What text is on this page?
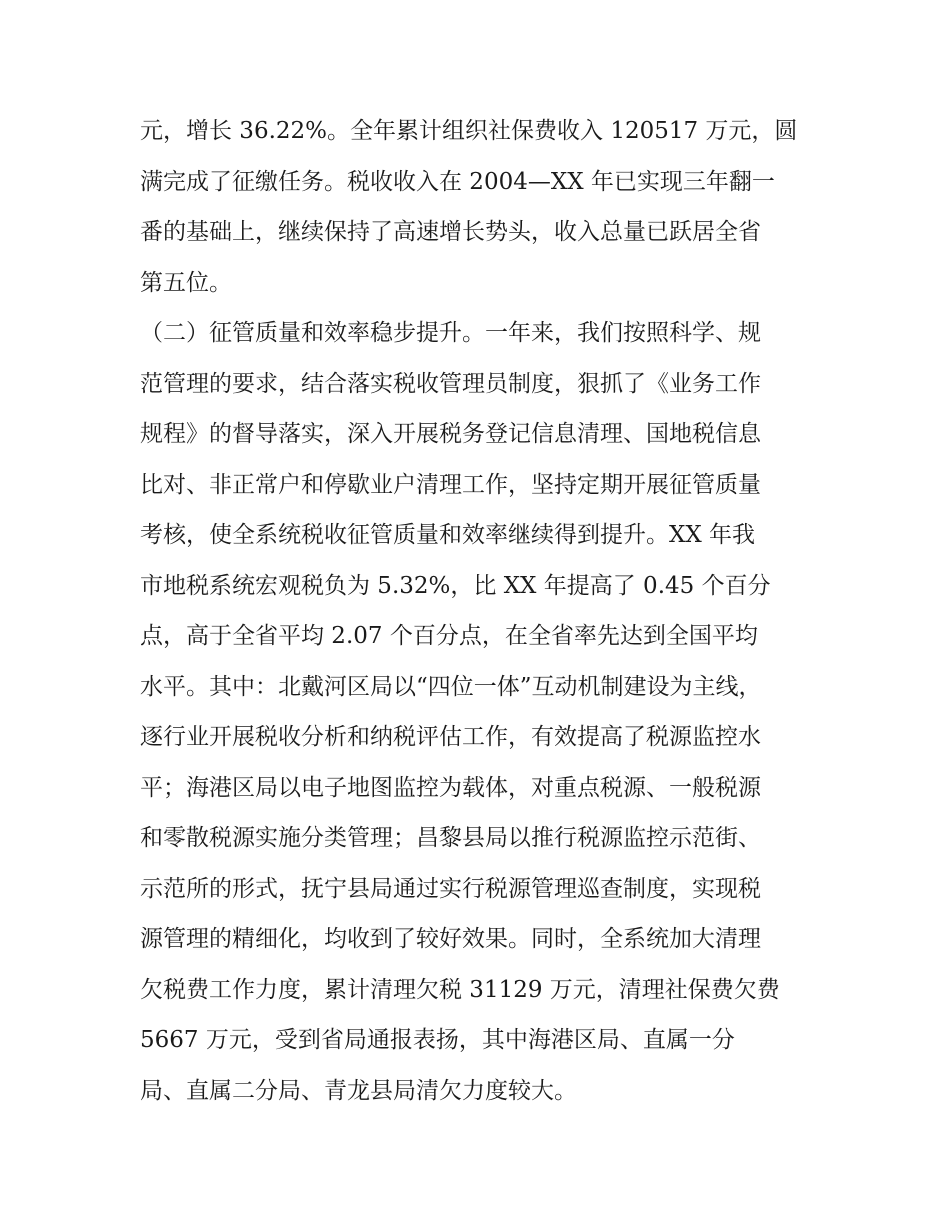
元，增长 36.22%。全年累计组织社保费收入 120517 万元，圆
满完成了征缴任务。税收收入在 2004—XX 年已实现三年翻一
番的基础上，继续保持了高速增长势头，收入总量已跃居全省
第五位。
（二）征管质量和效率稳步提升。一年来，我们按照科学、规
范管理的要求，结合落实税收管理员制度，狠抓了《业务工作
规程》的督导落实，深入开展税务登记信息清理、国地税信息
比对、非正常户和停歇业户清理工作，坚持定期开展征管质量
考核，使全系统税收征管质量和效率继续得到提升。XX 年我
市地税系统宏观税负为 5.32%，比 XX 年提高了 0.45 个百分
点，高于全省平均 2.07 个百分点，在全省率先达到全国平均
水平。其中：北戴河区局以“四位一体”互动机制建设为主线，
逐行业开展税收分析和纳税评估工作，有效提高了税源监控水
平；海港区局以电子地图监控为载体，对重点税源、一般税源
和零散税源实施分类管理；昌黎县局以推行税源监控示范街、
示范所的形式，抚宁县局通过实行税源管理巡查制度，实现税
源管理的精细化，均收到了较好效果。同时，全系统加大清理
欠税费工作力度，累计清理欠税 31129 万元，清理社保费欠费
5667 万元，受到省局通报表扬，其中海港区局、直属一分
局、直属二分局、青龙县局清欠力度较大。
